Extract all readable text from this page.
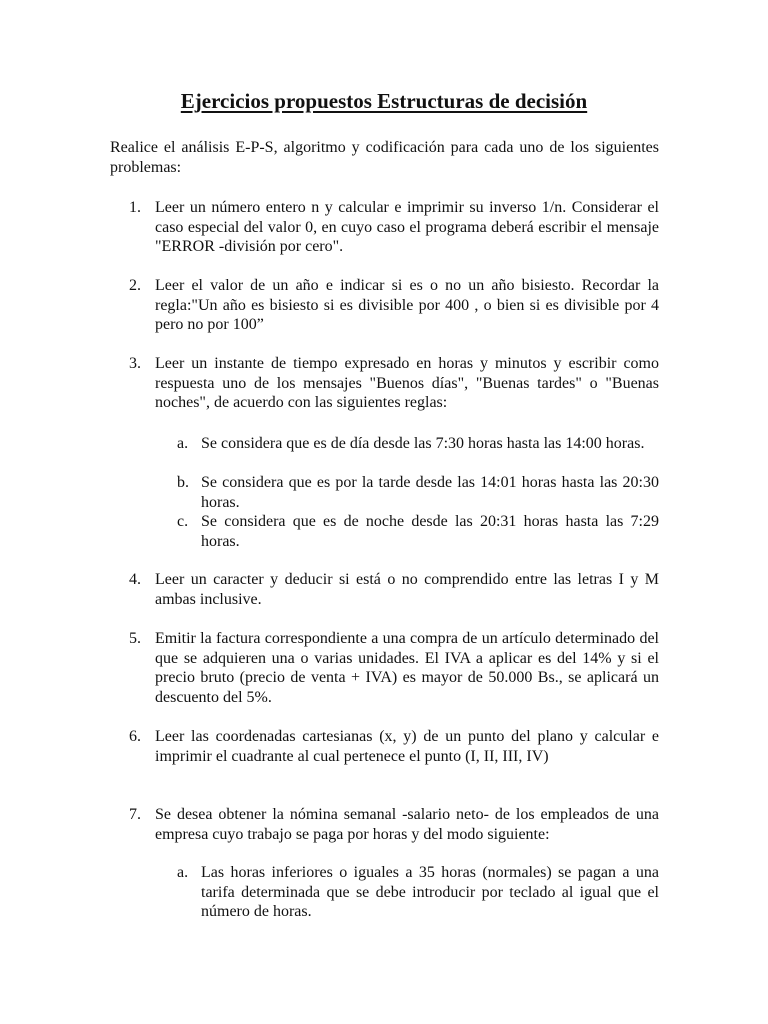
Ejercicios propuestos Estructuras de decisión
Realice el análisis E-P-S, algoritmo y codificación para cada uno de los siguientes problemas:
1. Leer un número entero n y calcular e imprimir su inverso 1/n. Considerar el caso especial del valor 0, en cuyo caso el programa deberá escribir el mensaje "ERROR -división por cero".
2. Leer el valor de un año e indicar si es o no un año bisiesto. Recordar la regla:"Un año es bisiesto si es divisible por 400 , o bien si es divisible por 4 pero no por 100”
3. Leer un instante de tiempo expresado en horas y minutos y escribir como respuesta uno de los mensajes "Buenos días", "Buenas tardes" o "Buenas noches", de acuerdo con las siguientes reglas:
a. Se considera que es de día desde las 7:30 horas hasta las 14:00 horas.
b. Se considera que es por la tarde desde las 14:01 horas hasta las 20:30 horas.
c. Se considera que es de noche desde las 20:31 horas hasta las 7:29 horas.
4. Leer un caracter y deducir si está o no comprendido entre las letras I y M ambas inclusive.
5. Emitir la factura correspondiente a una compra de un artículo determinado del que se adquieren una o varias unidades. El IVA a aplicar es del 14% y si el precio bruto (precio de venta + IVA) es mayor de 50.000 Bs., se aplicará un descuento del 5%.
6. Leer las coordenadas cartesianas (x, y) de un punto del plano y calcular e imprimir el cuadrante al cual pertenece el punto (I, II, III, IV)
7. Se desea obtener la nómina semanal -salario neto- de los empleados de una empresa cuyo trabajo se paga por horas y del modo siguiente:
a. Las horas inferiores o iguales a 35 horas (normales) se pagan a una tarifa determinada que se debe introducir por teclado al igual que el número de horas.
